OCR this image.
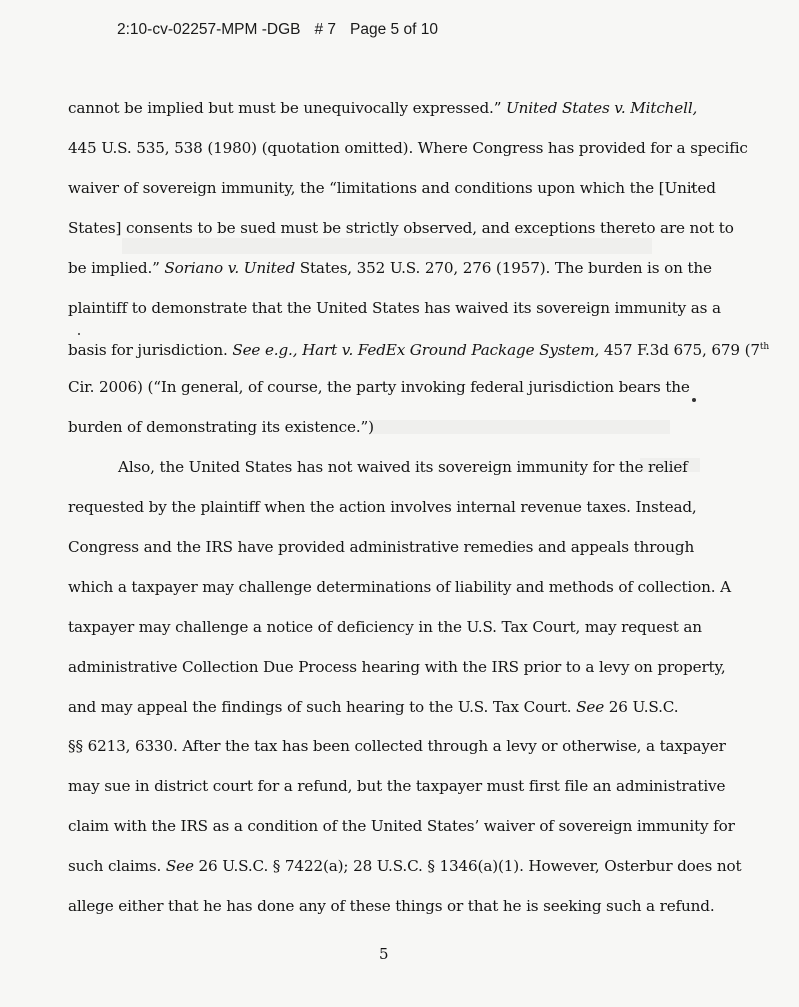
2:10-cv-02257-MPM -DGB # 7 Page 5 of 10
cannot be implied but must be unequivocally expressed.” United States v. Mitchell,
445 U.S. 535, 538 (1980) (quotation omitted). Where Congress has provided for a specific
waiver of sovereign immunity, the “limitations and conditions upon which the [United
States] consents to be sued must be strictly observed, and exceptions thereto are not to
be implied.” Soriano v. United States, 352 U.S. 270, 276 (1957). The burden is on the
plaintiff to demonstrate that the United States has waived its sovereign immunity as a
basis for jurisdiction. See e.g., Hart v. FedEx Ground Package System, 457 F.3d 675, 679 (7th
Cir. 2006) (“In general, of course, the party invoking federal jurisdiction bears the
burden of demonstrating its existence.”)
Also, the United States has not waived its sovereign immunity for the relief
requested by the plaintiff when the action involves internal revenue taxes. Instead,
Congress and the IRS have provided administrative remedies and appeals through
which a taxpayer may challenge determinations of liability and methods of collection. A
taxpayer may challenge a notice of deficiency in the U.S. Tax Court, may request an
administrative Collection Due Process hearing with the IRS prior to a levy on property,
and may appeal the findings of such hearing to the U.S. Tax Court. See 26 U.S.C.
§§ 6213, 6330. After the tax has been collected through a levy or otherwise, a taxpayer
may sue in district court for a refund, but the taxpayer must first file an administrative
claim with the IRS as a condition of the United States’ waiver of sovereign immunity for
such claims. See 26 U.S.C. § 7422(a); 28 U.S.C. § 1346(a)(1). However, Osterbur does not
allege either that he has done any of these things or that he is seeking such a refund.
5
